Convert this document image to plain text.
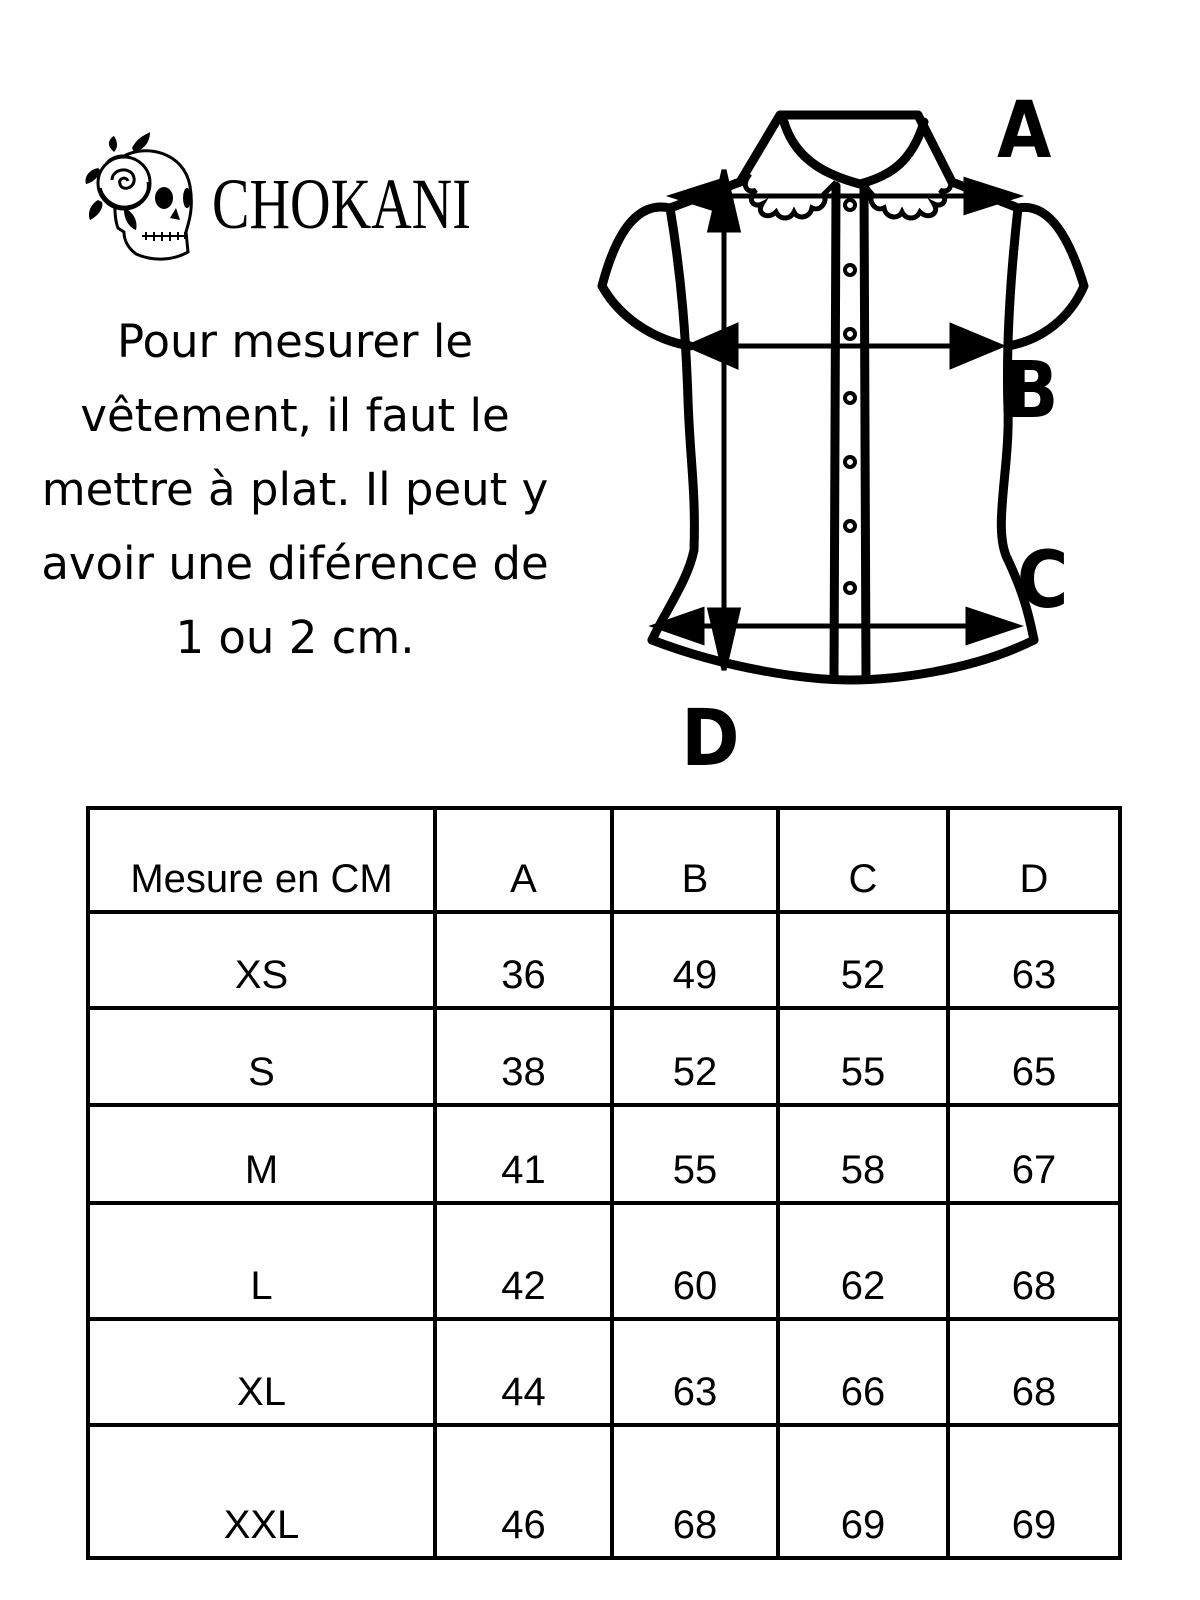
CHOKANI
Pour mesurer le
vêtement, il faut le
mettre à plat. Il peut y
avoir une diférence de
1 ou 2 cm.
A
B
C
D
Mesure en CM	A	B	C	D
XS	36	49	52	63
S	38	52	55	65
M	41	55	58	67
L	42	60	62	68
XL	44	63	66	68
XXL	46	68	69	69
